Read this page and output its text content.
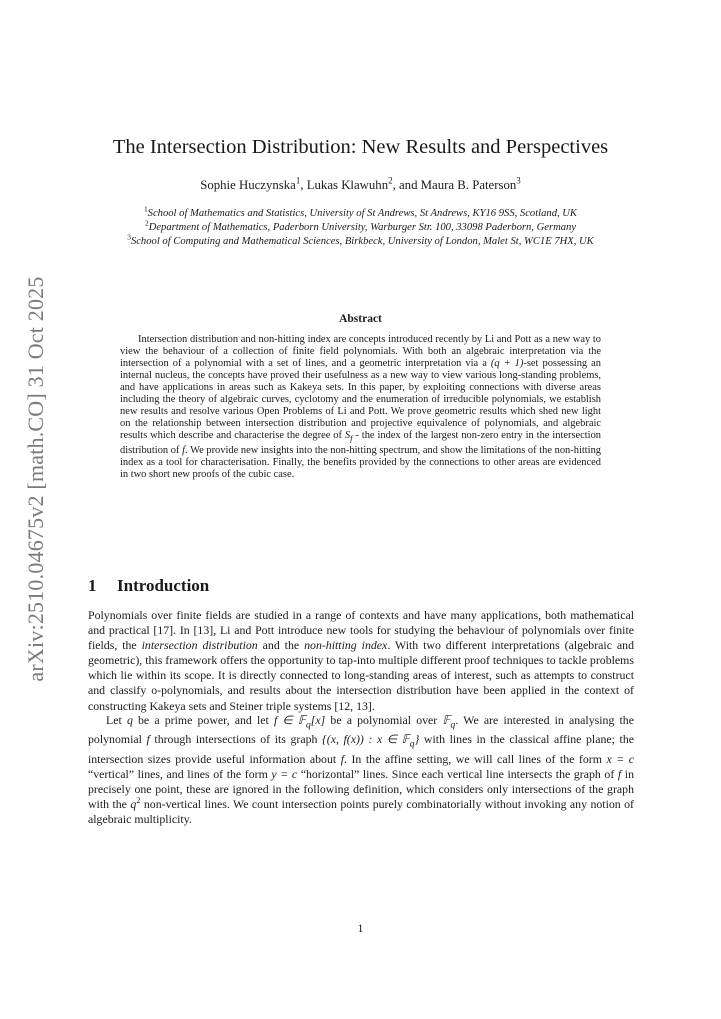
arXiv:2510.04675v2 [math.CO] 31 Oct 2025
The Intersection Distribution: New Results and Perspectives
Sophie Huczynska$^1$, Lukas Klawuhn$^2$, and Maura B. Paterson$^3$

$^1$School of Mathematics and Statistics, University of St Andrews, St Andrews, KY16 9SS, Scotland, UK

$^2$Department of Mathematics, Paderborn University, Warburger Str. 100, 33098 Paderborn, Germany

$^3$School of Computing and Mathematical Sciences, Birkbeck, University of London, Malet St, WC1E 7HX, UK

Abstract

Intersection distribution and non-hitting index are concepts introduced recently by Li and Pott as a new way to view the behaviour of a collection of finite field polynomials. With both an algebraic interpretation via the intersection of a polynomial with a set of lines, and a geometric interpretation via a (q + 1)-set possessing an internal nucleus, the concepts have proved their usefulness as a new way to view various long-standing problems, and have applications in areas such as Kakeya sets. In this paper, by exploiting connections with diverse areas including the theory of algebraic curves, cyclotomy and the enumeration of irreducible polynomials, we establish new results and resolve various Open Problems of Li and Pott. We prove geometric results which shed new light on the relationship between intersection distribution and projective equivalence of polynomials, and algebraic results which describe and characterise the degree of $S_f$ - the index of the largest non-zero entry in the intersection distribution of f. We provide new insights into the non-hitting spectrum, and show the limitations of the non-hitting index as a tool for characterisation. Finally, the benefits provided by the connections to other areas are evidenced in two short new proofs of the cubic case.

1 Introduction

Polynomials over finite fields are studied in a range of contexts and have many applications, both mathematical and practical [17]. In [13], Li and Pott introduce new tools for studying the behaviour of polynomials over finite fields, the intersection distribution and the non-hitting index. With two different interpretations (algebraic and geometric), this framework offers the opportunity to tap-into multiple different proof techniques to tackle problems which lie within its scope. It is directly connected to long-standing areas of interest, such as attempts to construct and classify o-polynomials, and results about the intersection distribution have been applied in the context of constructing Kakeya sets and Steiner triple systems [12, 13].

Let q be a prime power, and let f ∈ 𝔽$_q$[x] be a polynomial over 𝔽$_q$. We are interested in analysing the polynomial f through intersections of its graph {(x, f(x)) : x ∈ 𝔽$_q$} with lines in the classical affine plane; the intersection sizes provide useful information about f. In the affine setting, we will call lines of the form x = c “vertical” lines, and lines of the form y = c “horizontal” lines. Since each vertical line intersects the graph of f in precisely one point, these are ignored in the following definition, which considers only intersections of the graph with the $q^2$ non-vertical lines. We count intersection points purely combinatorially without invoking any notion of algebraic multiplicity.

1
